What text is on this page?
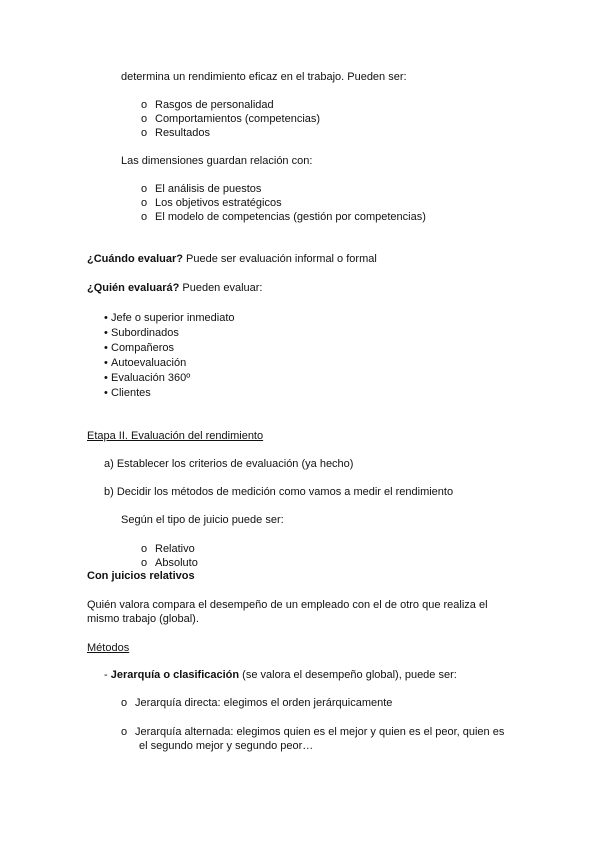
determina un rendimiento eficaz en el trabajo. Pueden ser:
o Rasgos de personalidad
o Comportamientos (competencias)
o Resultados
Las dimensiones guardan relación con:
o El análisis de puestos
o Los objetivos estratégicos
o El modelo de competencias (gestión por competencias)
¿Cuándo evaluar? Puede ser evaluación informal o formal
¿Quién evaluará? Pueden evaluar:
• Jefe o superior inmediato
• Subordinados
• Compañeros
• Autoevaluación
• Evaluación 360º
• Clientes
Etapa II. Evaluación del rendimiento
a) Establecer los criterios de evaluación (ya hecho)
b) Decidir los métodos de medición como vamos a medir el rendimiento
Según el tipo de juicio puede ser:
o Relativo
o Absoluto
Con juicios relativos
Quién valora compara el desempeño de un empleado con el de otro que realiza el
mismo trabajo (global).
Métodos
- Jerarquía o clasificación (se valora el desempeño global), puede ser:
o Jerarquía directa: elegimos el orden jerárquicamente
o Jerarquía alternada: elegimos quien es el mejor y quien es el peor, quien es
el segundo mejor y segundo peor…
